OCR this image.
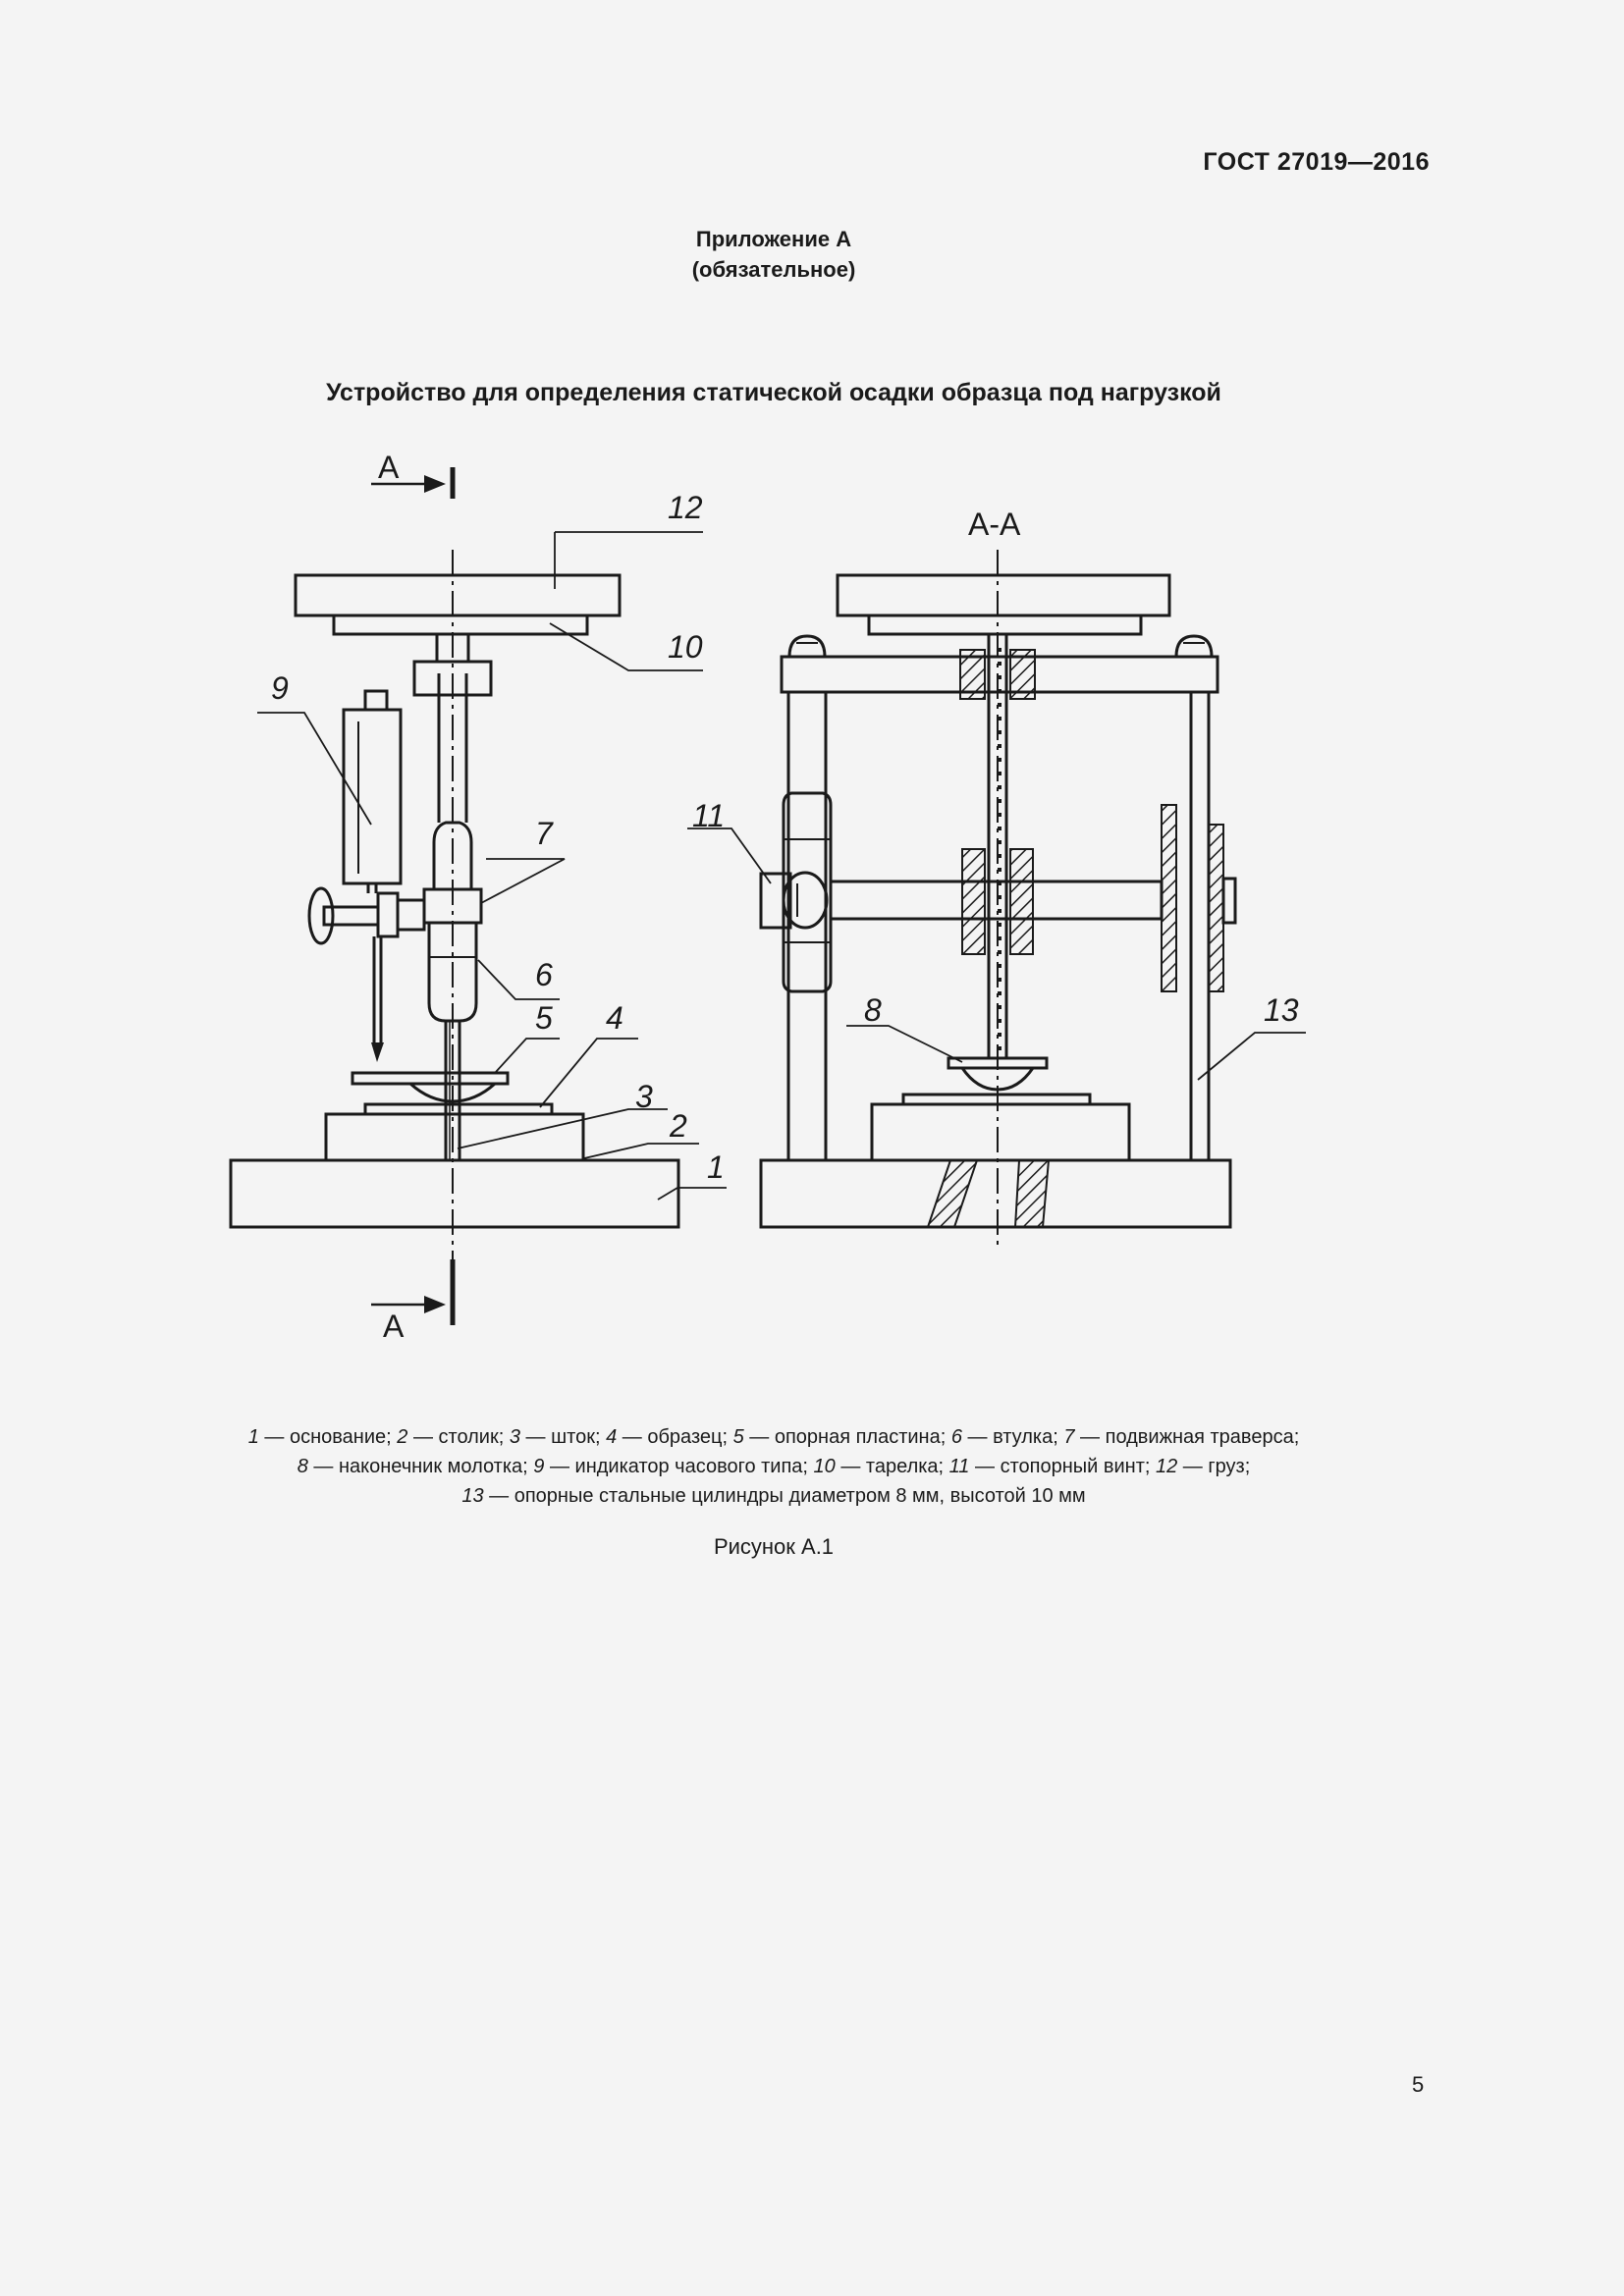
ГОСТ 27019—2016
Приложение А
(обязательное)
Устройство для определения статической осадки образца под нагрузкой
А
А
А-А
12
10
9
7
6
5 4
3
2
1
11
8	13
1 — основание; 2 — столик; 3 — шток; 4 — образец; 5 — опорная пластина; 6 — втулка; 7 — подвижная траверса;
8 — наконечник молотка; 9 — индикатор часового типа; 10 — тарелка; 11 — стопорный винт; 12 — груз;
13 — опорные стальные цилиндры диаметром 8 мм, высотой 10 мм
Рисунок А.1
5
